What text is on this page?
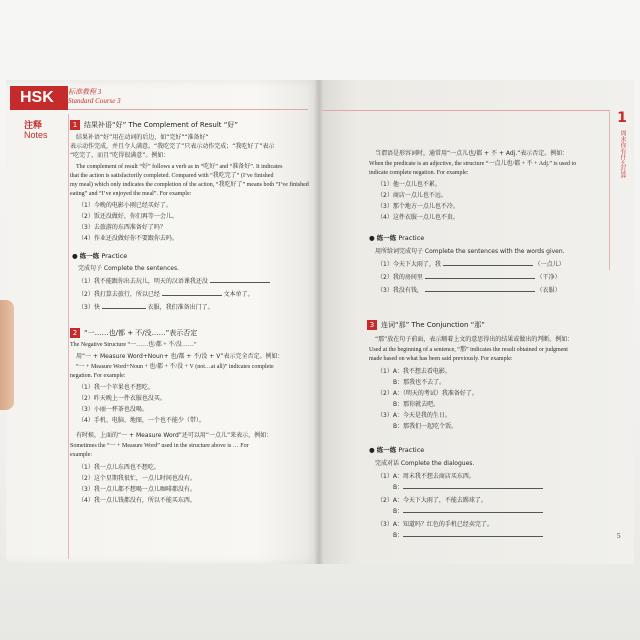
HSK	标准教程 3
Standard Course 3
注释
Notes
1 结果补语“好” The Complement of Result “好”
结果补语“好”用在动词的后边，如“完好”“准备好”
表示动作完成，并且令人满意。“我吃完了”只表示动作完成；“我吃好了”表示
“吃完了，而且”吃得很满意”。例如：
The complement of result “好” follows a verb as in “吃好” and “准备好”. It indicates
that the action is satisfactorily completed. Compared with “我吃完了” (I’ve finished
my meal) which only indicates the completion of the action, “我吃好了” means both “I’ve finished
eating” and “I’ve enjoyed the meal”. For example:
（1）今晚的电影小刚已经买好了。
（2）饭还没做好，你们再等一会儿。
（3）去旅游的东西准备好了吗？
（4）作业还没做好你不要跟你去吗。
● 练一练 Practice
完成句子 Complete the sentences.
（1）我不能跟你出去玩儿，明天的汉语课我还没
（2）我打算去旅行，所以已经	文本单了。
（3）快	衣服，我们准备出门了。
2 “一……也/都 + 不/没……”表示否定
The Negative Structure “一……也/都 + 不/没……”
用“一 + Measure Word+Noun+ 也/都 + 不/没 + V”表示完全否定。例如：
“一 + Measure Word+Noun + 也/都 + 不/没 + V (not…at all)” indicates complete
negation. For example:
（1）我一个苹果也不想吃。
（2）昨天晚上一件衣服也没买。
（3）小丽一杯茶也没喝。
（4）手机、电脑、地图，一个也不能少（带）。
有时候，上面的“一 + Measure Word”还可以用“一点儿”来表示，例如：
Sometimes the “一 + Measure Word” used in the structure above is … For
example:
（1）我一点儿东西也不想吃。
（2）这个星期我很忙，一点儿时间也没有。
（3）我一点儿都不想喝一点儿咖啡都没有。
（4）我一点儿钱都没有，所以不能买东西。
1
周末你有什么打算
当谓语是形容词时，通常用“一点儿也/都 + 不 + Adj.”表示否定。例如：
When the predicate is an adjective, the structure “一点儿也/都 + 不 + Adj.” is used to
indicate complete negation. For example:
（1）他一点儿也不累。
（2）商店一点儿也不远。
（3）那个地方一点儿也不冷。
（4）这件衣服一点儿也不贵。
● 练一练 Practice
用所给词完成句子 Complete the sentences with the words given.
（1）今天下大雨了，我	（一点儿）
（2）我的房间里	（干净）
（3）我没有钱，	（衣服）
3 连词“那” The Conjunction “那”
“那”放在句子前面，表示顺着上文的意思得出的结果或做出的判断。例如：
Used at the beginning of a sentence, “那” indicates the result obtained or judgment
made based on what has been said previously. For example:
（1）A：我不想去看电影。
B：那我也不去了。
（2）A：（明天的考试）我准备好了。
B：那你就去吧。
（3）A：今天是我的生日。
B：那我们一起吃个饭。
● 练一练 Practice
完成对话 Complete the dialogues.
（1）A：周末我不想去商店买东西。
B：
（2）A：今天下大雨了，不能去踢球了。
B：
（3）A：知道吗？红色的手机已经卖完了。
B：	5
